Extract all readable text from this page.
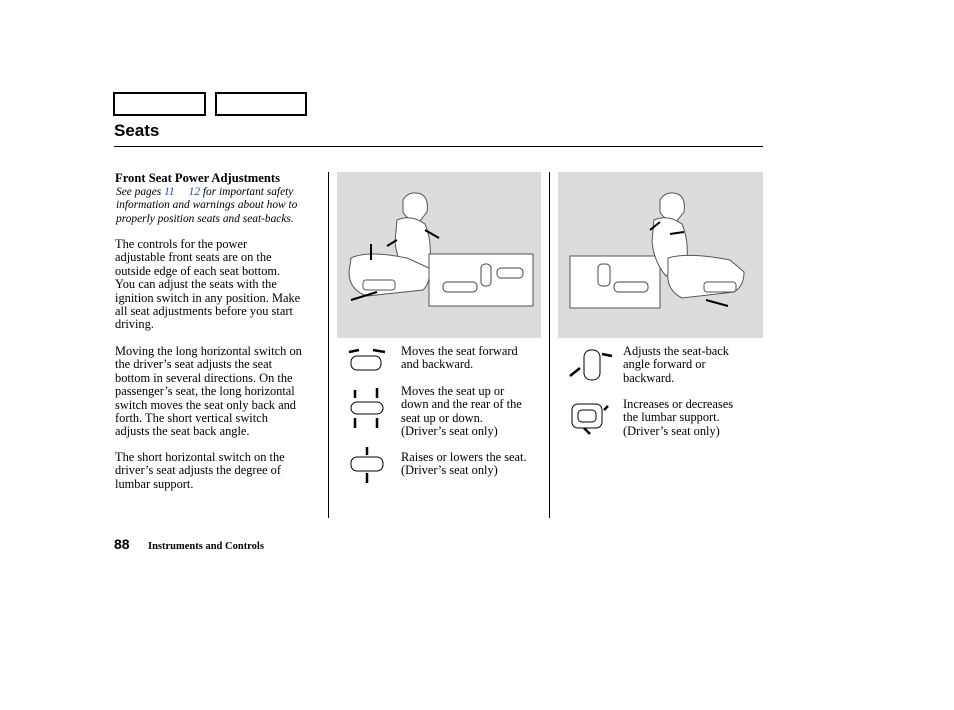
Seats
Front Seat Power Adjustments
See pages 11 12 for important safety
information and warnings about how to
properly position seats and seat-backs.
The controls for the power
adjustable front seats are on the
outside edge of each seat bottom.
You can adjust the seats with the
ignition switch in any position. Make
all seat adjustments before you start
driving.
Moving the long horizontal switch on
the driver’s seat adjusts the seat
bottom in several directions. On the
passenger’s seat, the long horizontal
switch moves the seat only back and
forth. The short vertical switch
adjusts the seat back angle.
The short horizontal switch on the
driver’s seat adjusts the degree of
lumbar support.
Moves the seat forward
and backward.
Moves the seat up or
down and the rear of the
seat up or down.
(Driver’s seat only)
Raises or lowers the seat.
(Driver’s seat only)
Adjusts the seat-back
angle forward or
backward.
Increases or decreases
the lumbar support.
(Driver’s seat only)
88 Instruments and Controls
